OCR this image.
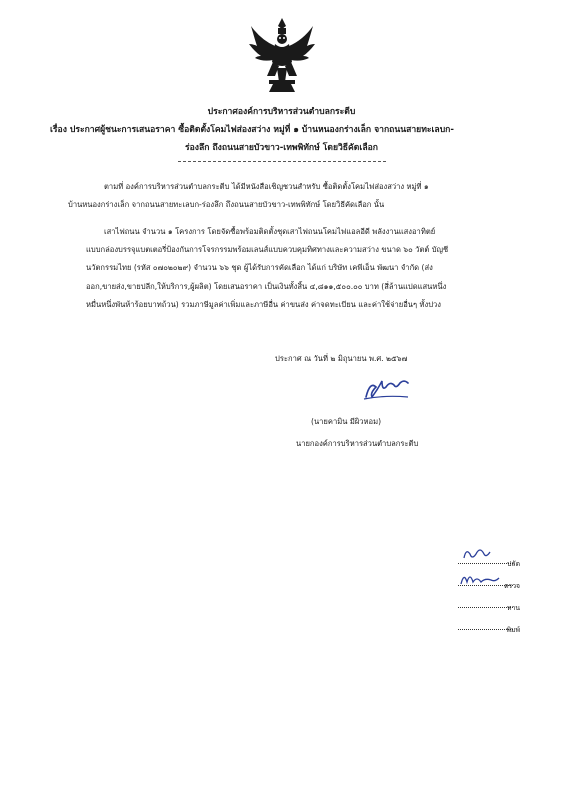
ประกาศองค์การบริหารส่วนตำบลกระตีบ
เรื่อง ประกาศผู้ชนะการเสนอราคา ซื้อติดตั้งโคมไฟส่องสว่าง หมู่ที่ ๑ บ้านหนองกร่างเล็ก จากถนนสายทะเลบก-
ร่องลึก ถึงถนนสายบัวขาว-เทพพิทักษ์ โดยวิธีคัดเลือก
ตามที่ องค์การบริหารส่วนตำบลกระตีบ ได้มีหนังสือเชิญชวนสำหรับ ซื้อติดตั้งโคมไฟส่องสว่าง หมู่ที่ ๑
บ้านหนองกร่างเล็ก จากถนนสายทะเลบก-ร่องลึก ถึงถนนสายบัวขาว-เทพพิทักษ์ โดยวิธีคัดเลือก นั้น
เสาไฟถนน จำนวน ๑ โครงการ โดยจัดซื้อพร้อมติดตั้งชุดเสาไฟถนนโคมไฟแอลอีดี พลังงานแสงอาทิตย์
แบบกล่องบรรจุแบตเตอรี่ป้องกันการโจรกรรมพร้อมเลนส์แบบควบคุมทิศทางและความสว่าง ขนาด ๖๐ วัตต์ บัญชี
นวัตกรรมไทย (รหัส ๐๗๐๒๐๒๙) จำนวน ๖๖ ชุด ผู้ได้รับการคัดเลือก ได้แก่ บริษัท เคพีเอ็น พัฒนา จำกัด (ส่ง
ออก,ขายส่ง,ขายปลีก,ให้บริการ,ผู้ผลิต) โดยเสนอราคา เป็นเงินทั้งสิ้น ๔,๘๑๑,๕๐๐.๐๐ บาท (สี่ล้านแปดแสนหนึ่ง
หมื่นหนึ่งพันห้าร้อยบาทถ้วน) รวมภาษีมูลค่าเพิ่มและภาษีอื่น ค่าขนส่ง ค่าจดทะเบียน และค่าใช้จ่ายอื่นๆ ทั้งปวง
ประกาศ ณ วันที่ ๒ มิถุนายน พ.ศ. ๒๕๖๗
(นายคามิน มีผิวหอม)
นายกองค์การบริหารส่วนตำบลกระตีบ
ปลัด
ตรวจ
ทาน
พิมพ์
